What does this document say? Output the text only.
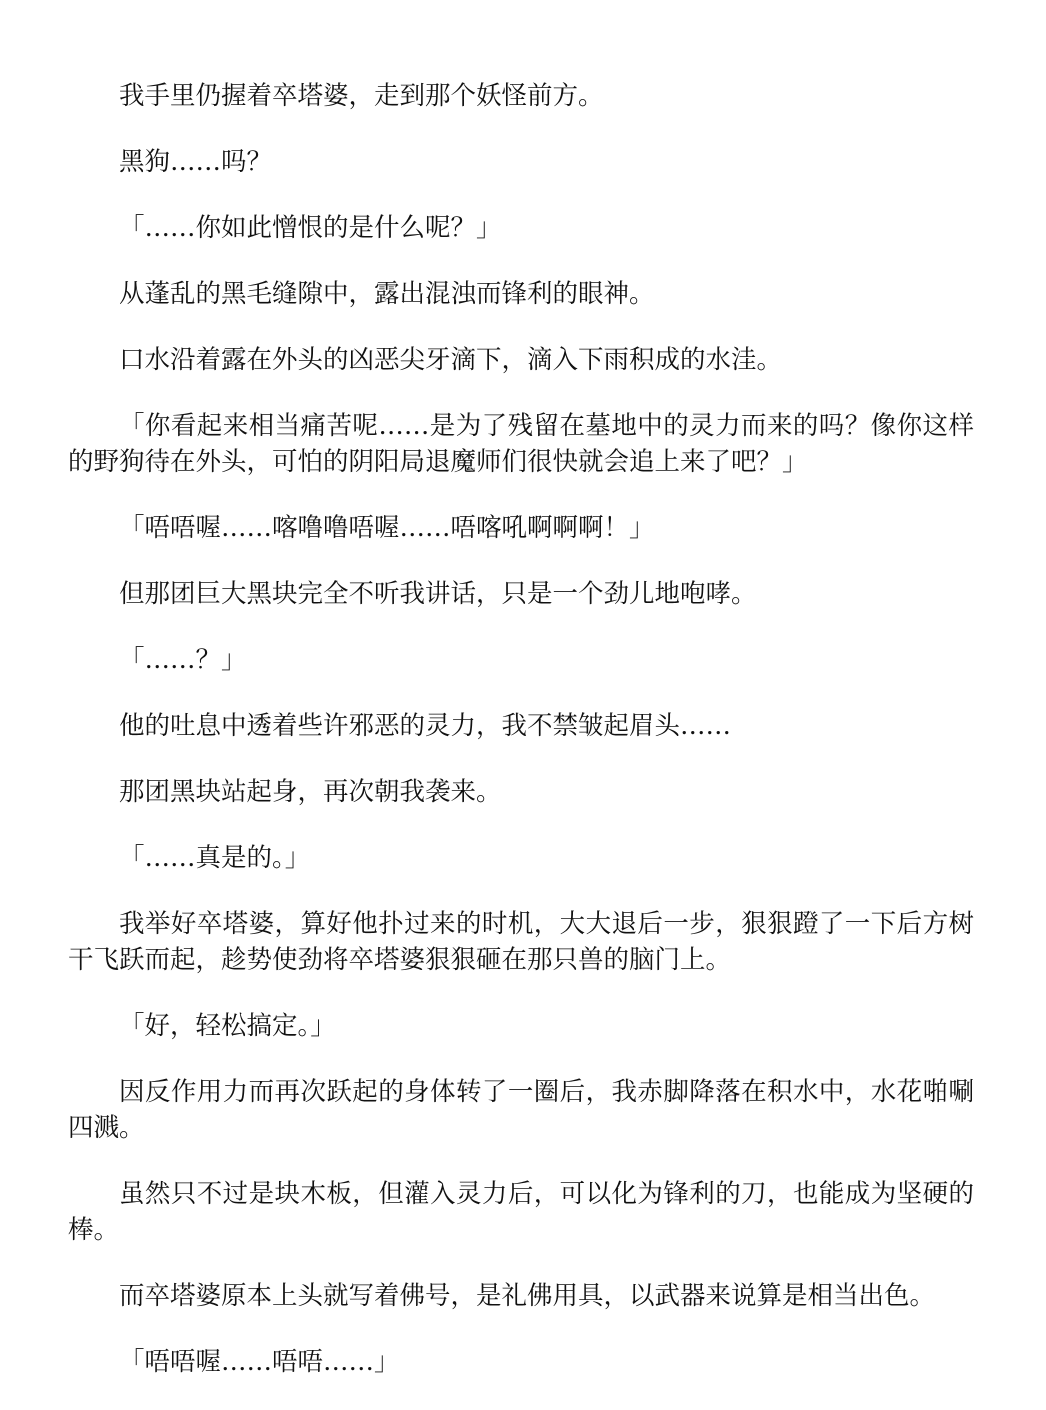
我手里仍握着卒塔婆，走到那个妖怪前方。

黑狗……吗？

「……你如此憎恨的是什么呢？」

从蓬乱的黑毛缝隙中，露出混浊而锋利的眼神。

口水沿着露在外头的凶恶尖牙滴下，滴入下雨积成的水洼。

「你看起来相当痛苦呢……是为了残留在墓地中的灵力而来的吗？像你这样的野狗待在外头，可怕的阴阳局退魔师们很快就会追上来了吧？」

「唔唔喔……喀噜噜唔喔……唔喀吼啊啊啊！」

但那团巨大黑块完全不听我讲话，只是一个劲儿地咆哮。

「……？」

他的吐息中透着些许邪恶的灵力，我不禁皱起眉头……

那团黑块站起身，再次朝我袭来。

「……真是的。」

我举好卒塔婆，算好他扑过来的时机，大大退后一步，狠狠蹬了一下后方树干飞跃而起，趁势使劲将卒塔婆狠狠砸在那只兽的脑门上。

「好，轻松搞定。」

因反作用力而再次跃起的身体转了一圈后，我赤脚降落在积水中，水花啪唰四溅。

虽然只不过是块木板，但灌入灵力后，可以化为锋利的刀，也能成为坚硬的棒。

而卒塔婆原本上头就写着佛号，是礼佛用具，以武器来说算是相当出色。

「唔唔喔……唔唔……」
